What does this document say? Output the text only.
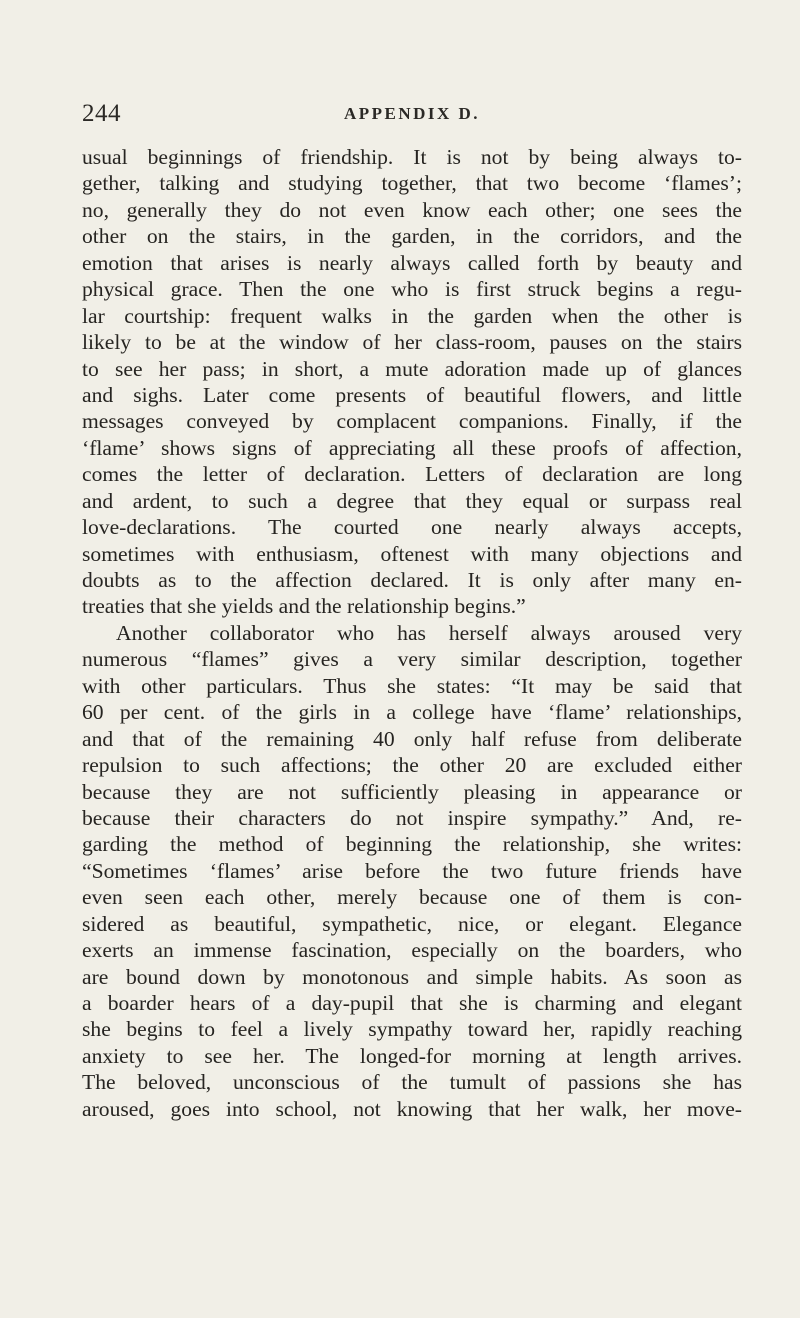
244	APPENDIX D.
usual beginnings of friendship. It is not by being always to-
gether, talking and studying together, that two become ‘flames’;
no, generally they do not even know each other; one sees the
other on the stairs, in the garden, in the corridors, and the
emotion that arises is nearly always called forth by beauty and
physical grace. Then the one who is first struck begins a regu-
lar courtship: frequent walks in the garden when the other is
likely to be at the window of her class-room, pauses on the stairs
to see her pass; in short, a mute adoration made up of glances
and sighs. Later come presents of beautiful flowers, and little
messages conveyed by complacent companions. Finally, if the
‘flame’ shows signs of appreciating all these proofs of affection,
comes the letter of declaration. Letters of declaration are long
and ardent, to such a degree that they equal or surpass real
love-declarations. The courted one nearly always accepts,
sometimes with enthusiasm, oftenest with many objections and
doubts as to the affection declared. It is only after many en-
treaties that she yields and the relationship begins.”
Another collaborator who has herself always aroused very
numerous “flames” gives a very similar description, together
with other particulars. Thus she states: “It may be said that
60 per cent. of the girls in a college have ‘flame’ relationships,
and that of the remaining 40 only half refuse from deliberate
repulsion to such affections; the other 20 are excluded either
because they are not sufficiently pleasing in appearance or
because their characters do not inspire sympathy.” And, re-
garding the method of beginning the relationship, she writes:
“Sometimes ‘flames’ arise before the two future friends have
even seen each other, merely because one of them is con-
sidered as beautiful, sympathetic, nice, or elegant. Elegance
exerts an immense fascination, especially on the boarders, who
are bound down by monotonous and simple habits. As soon as
a boarder hears of a day-pupil that she is charming and elegant
she begins to feel a lively sympathy toward her, rapidly reaching
anxiety to see her. The longed-for morning at length arrives.
The beloved, unconscious of the tumult of passions she has
aroused, goes into school, not knowing that her walk, her move-
